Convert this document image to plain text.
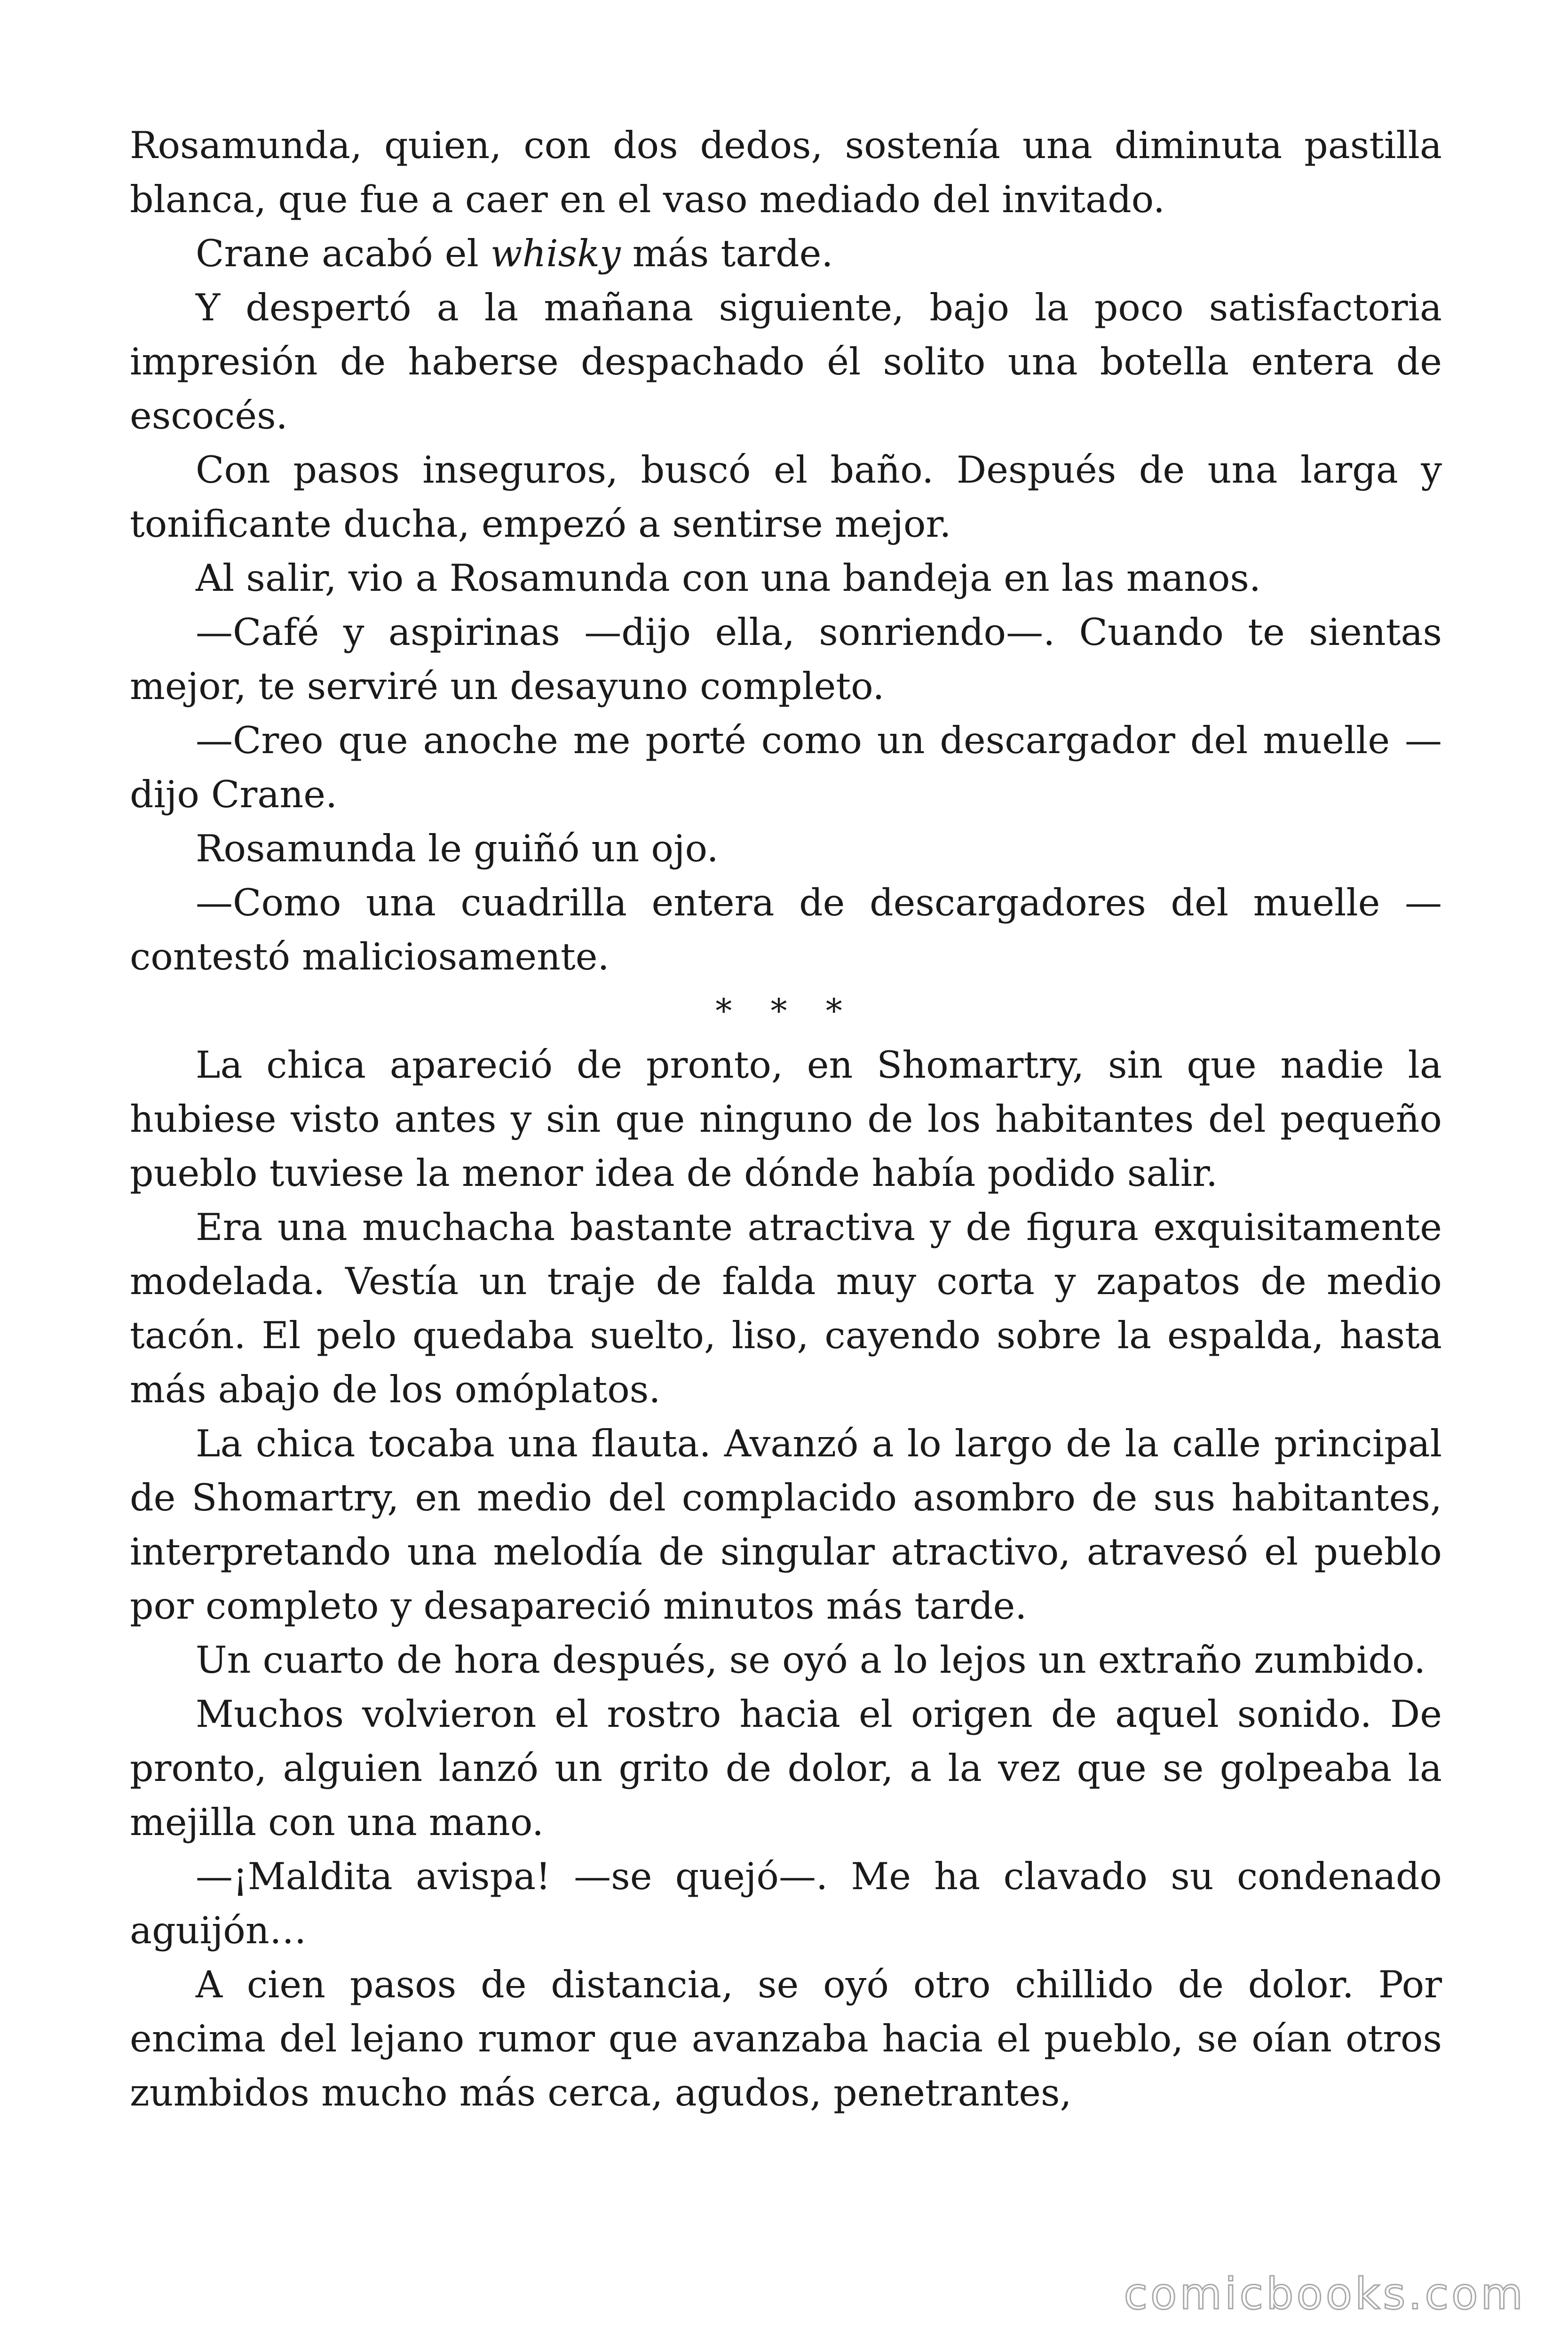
Rosamunda, quien, con dos dedos, sostenía una diminuta pastilla blanca, que fue a caer en el vaso mediado del invitado.

Crane acabó el whisky más tarde.

Y despertó a la mañana siguiente, bajo la poco satisfactoria impresión de haberse despachado él solito una botella entera de escocés.

Con pasos inseguros, buscó el baño. Después de una larga y tonificante ducha, empezó a sentirse mejor.

Al salir, vio a Rosamunda con una bandeja en las manos.

—Café y aspirinas —dijo ella, sonriendo—. Cuando te sientas mejor, te serviré un desayuno completo.

—Creo que anoche me porté como un descargador del muelle —dijo Crane.

Rosamunda le guiñó un ojo.

—Como una cuadrilla entera de descargadores del muelle —contestó maliciosamente.

* * *

La chica apareció de pronto, en Shomartry, sin que nadie la hubiese visto antes y sin que ninguno de los habitantes del pequeño pueblo tuviese la menor idea de dónde había podido salir.

Era una muchacha bastante atractiva y de figura exquisitamente modelada. Vestía un traje de falda muy corta y zapatos de medio tacón. El pelo quedaba suelto, liso, cayendo sobre la espalda, hasta más abajo de los omóplatos.

La chica tocaba una flauta. Avanzó a lo largo de la calle principal de Shomartry, en medio del complacido asombro de sus habitantes, interpretando una melodía de singular atractivo, atravesó el pueblo por completo y desapareció minutos más tarde.

Un cuarto de hora después, se oyó a lo lejos un extraño zumbido.

Muchos volvieron el rostro hacia el origen de aquel sonido. De pronto, alguien lanzó un grito de dolor, a la vez que se golpeaba la mejilla con una mano.

—¡Maldita avispa! —se quejó—. Me ha clavado su condenado aguijón…

A cien pasos de distancia, se oyó otro chillido de dolor. Por encima del lejano rumor que avanzaba hacia el pueblo, se oían otros zumbidos mucho más cerca, agudos, penetrantes,

comicbooks.com
